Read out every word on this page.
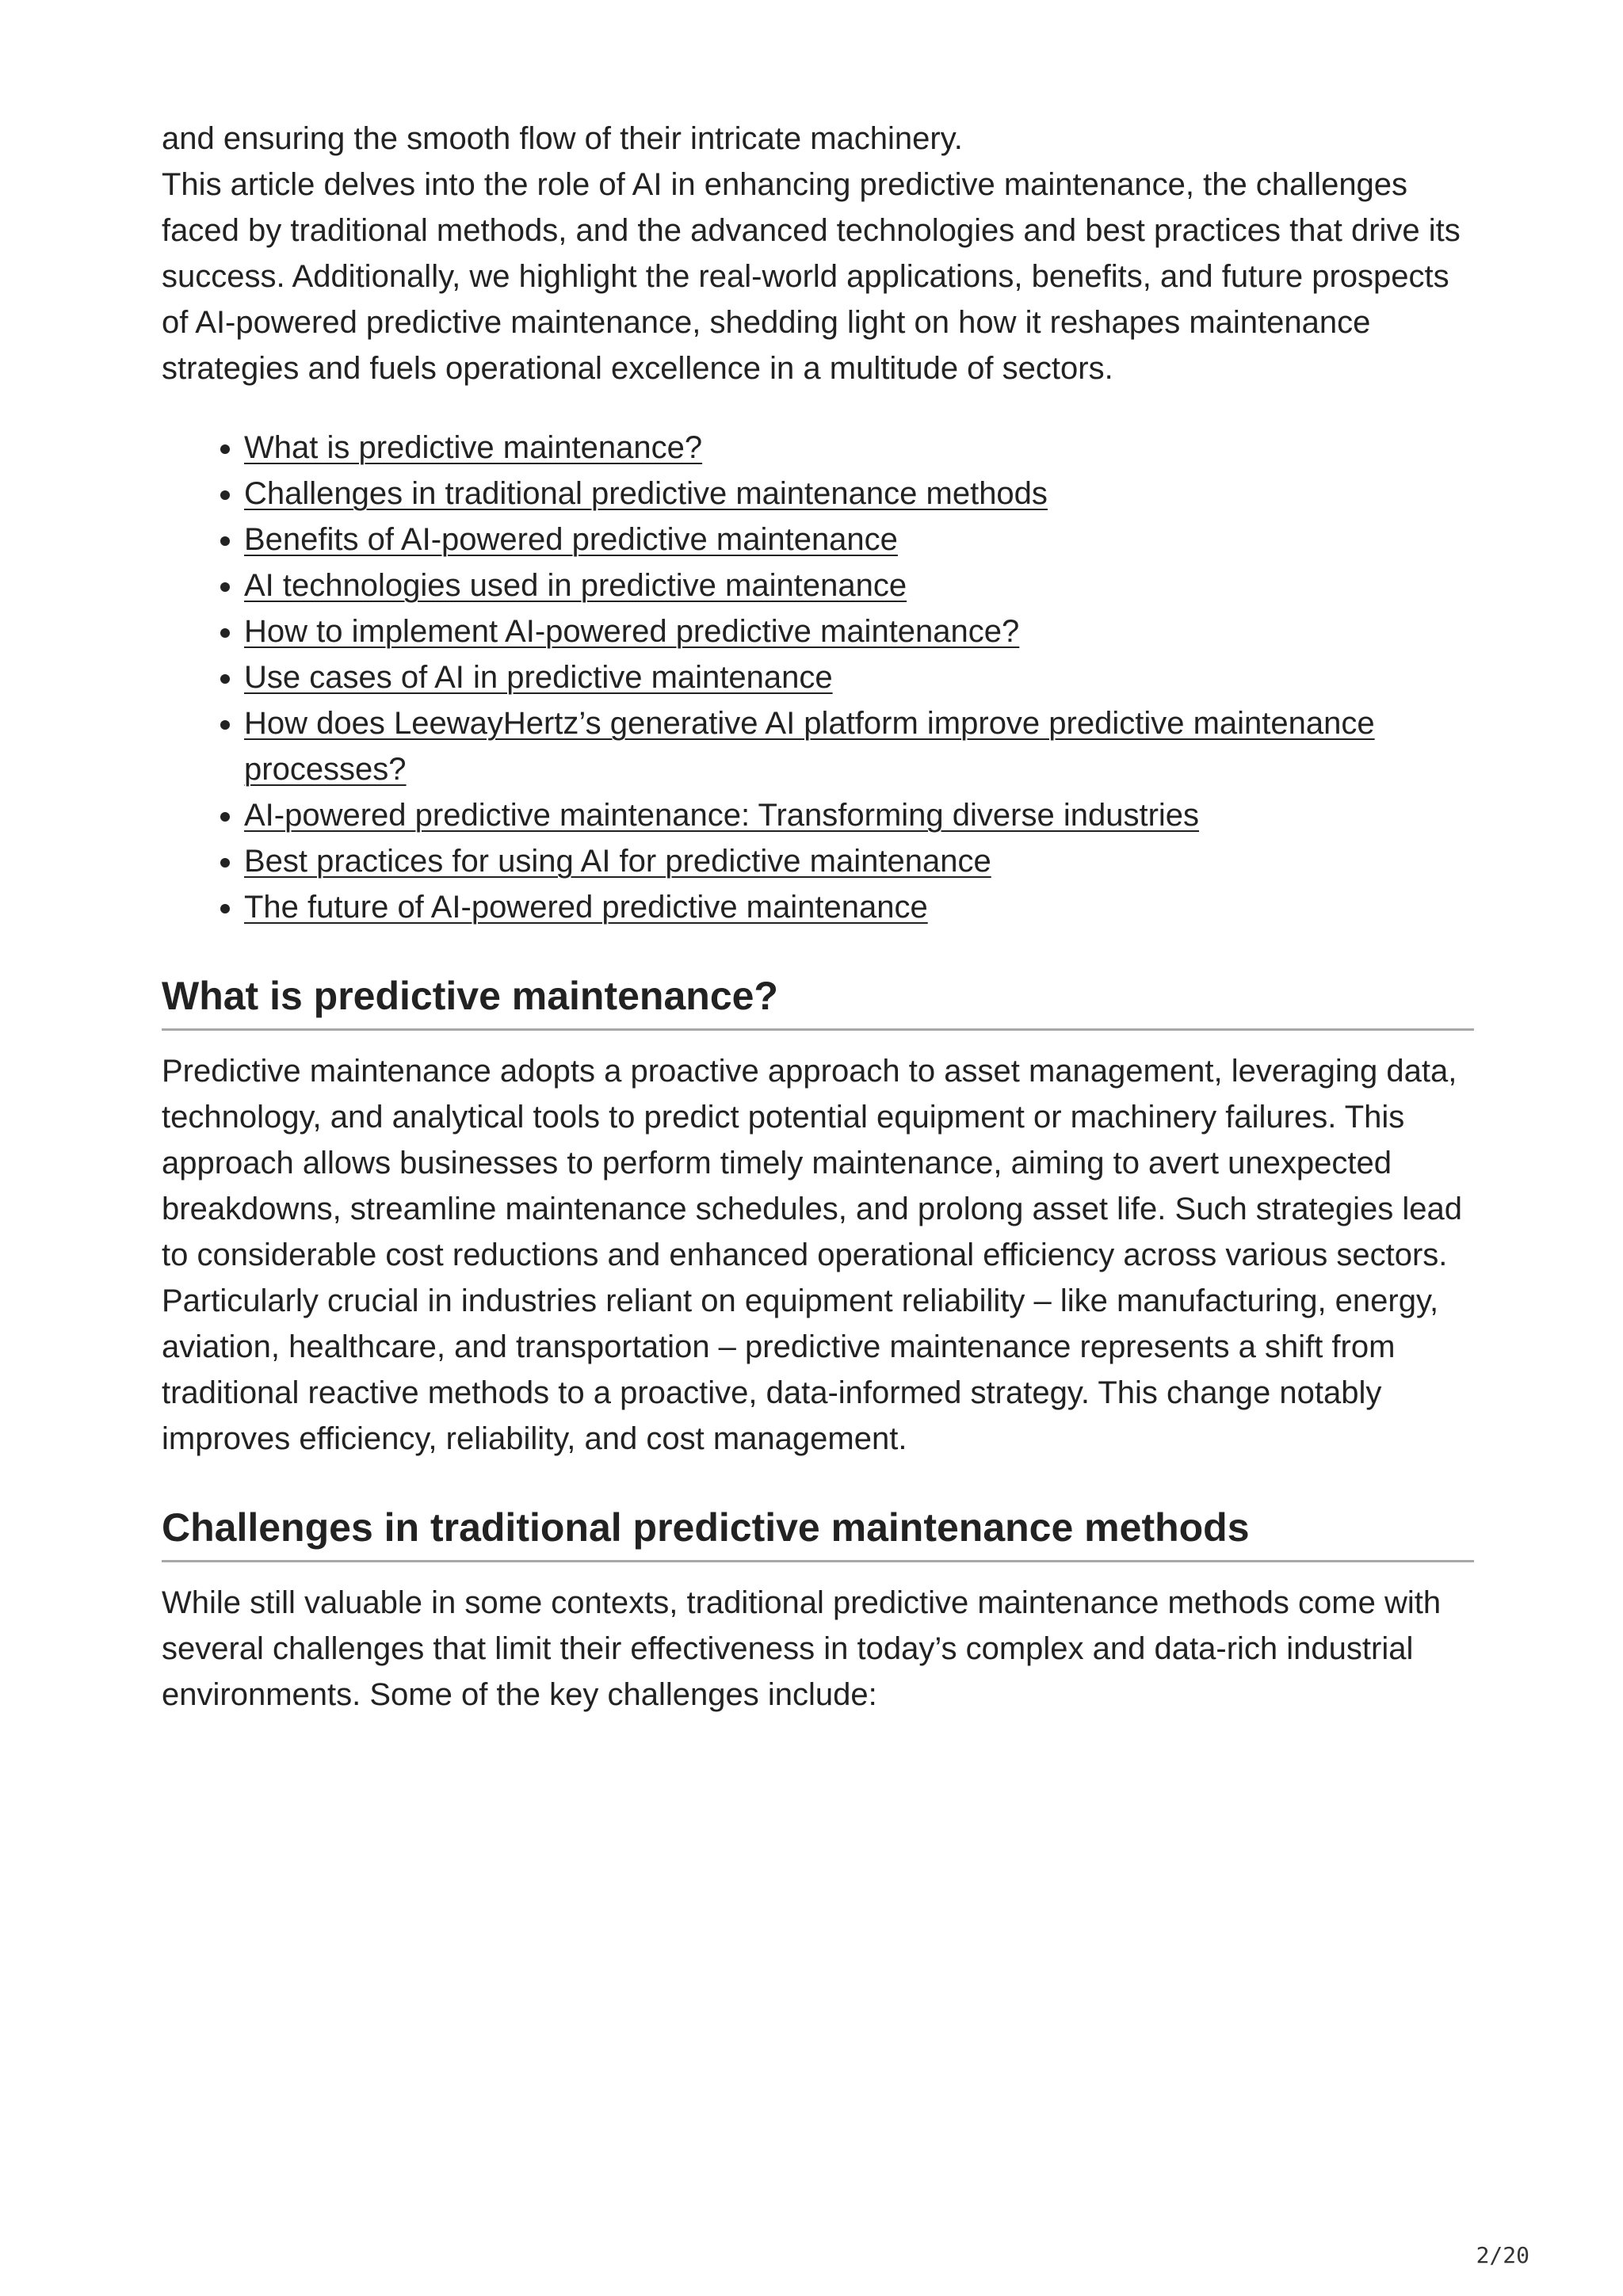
and ensuring the smooth flow of their intricate machinery.

This article delves into the role of AI in enhancing predictive maintenance, the challenges faced by traditional methods, and the advanced technologies and best practices that drive its success. Additionally, we highlight the real-world applications, benefits, and future prospects of AI-powered predictive maintenance, shedding light on how it reshapes maintenance strategies and fuels operational excellence in a multitude of sectors.

• What is predictive maintenance?
• Challenges in traditional predictive maintenance methods
• Benefits of AI-powered predictive maintenance
• AI technologies used in predictive maintenance
• How to implement AI-powered predictive maintenance?
• Use cases of AI in predictive maintenance
• How does LeewayHertz’s generative AI platform improve predictive maintenance processes?
• AI-powered predictive maintenance: Transforming diverse industries
• Best practices for using AI for predictive maintenance
• The future of AI-powered predictive maintenance
What is predictive maintenance?

Predictive maintenance adopts a proactive approach to asset management, leveraging data, technology, and analytical tools to predict potential equipment or machinery failures. This approach allows businesses to perform timely maintenance, aiming to avert unexpected breakdowns, streamline maintenance schedules, and prolong asset life. Such strategies lead to considerable cost reductions and enhanced operational efficiency across various sectors. Particularly crucial in industries reliant on equipment reliability – like manufacturing, energy, aviation, healthcare, and transportation – predictive maintenance represents a shift from traditional reactive methods to a proactive, data-informed strategy. This change notably improves efficiency, reliability, and cost management.

Challenges in traditional predictive maintenance methods

While still valuable in some contexts, traditional predictive maintenance methods come with several challenges that limit their effectiveness in today’s complex and data-rich industrial environments. Some of the key challenges include:

2/20
